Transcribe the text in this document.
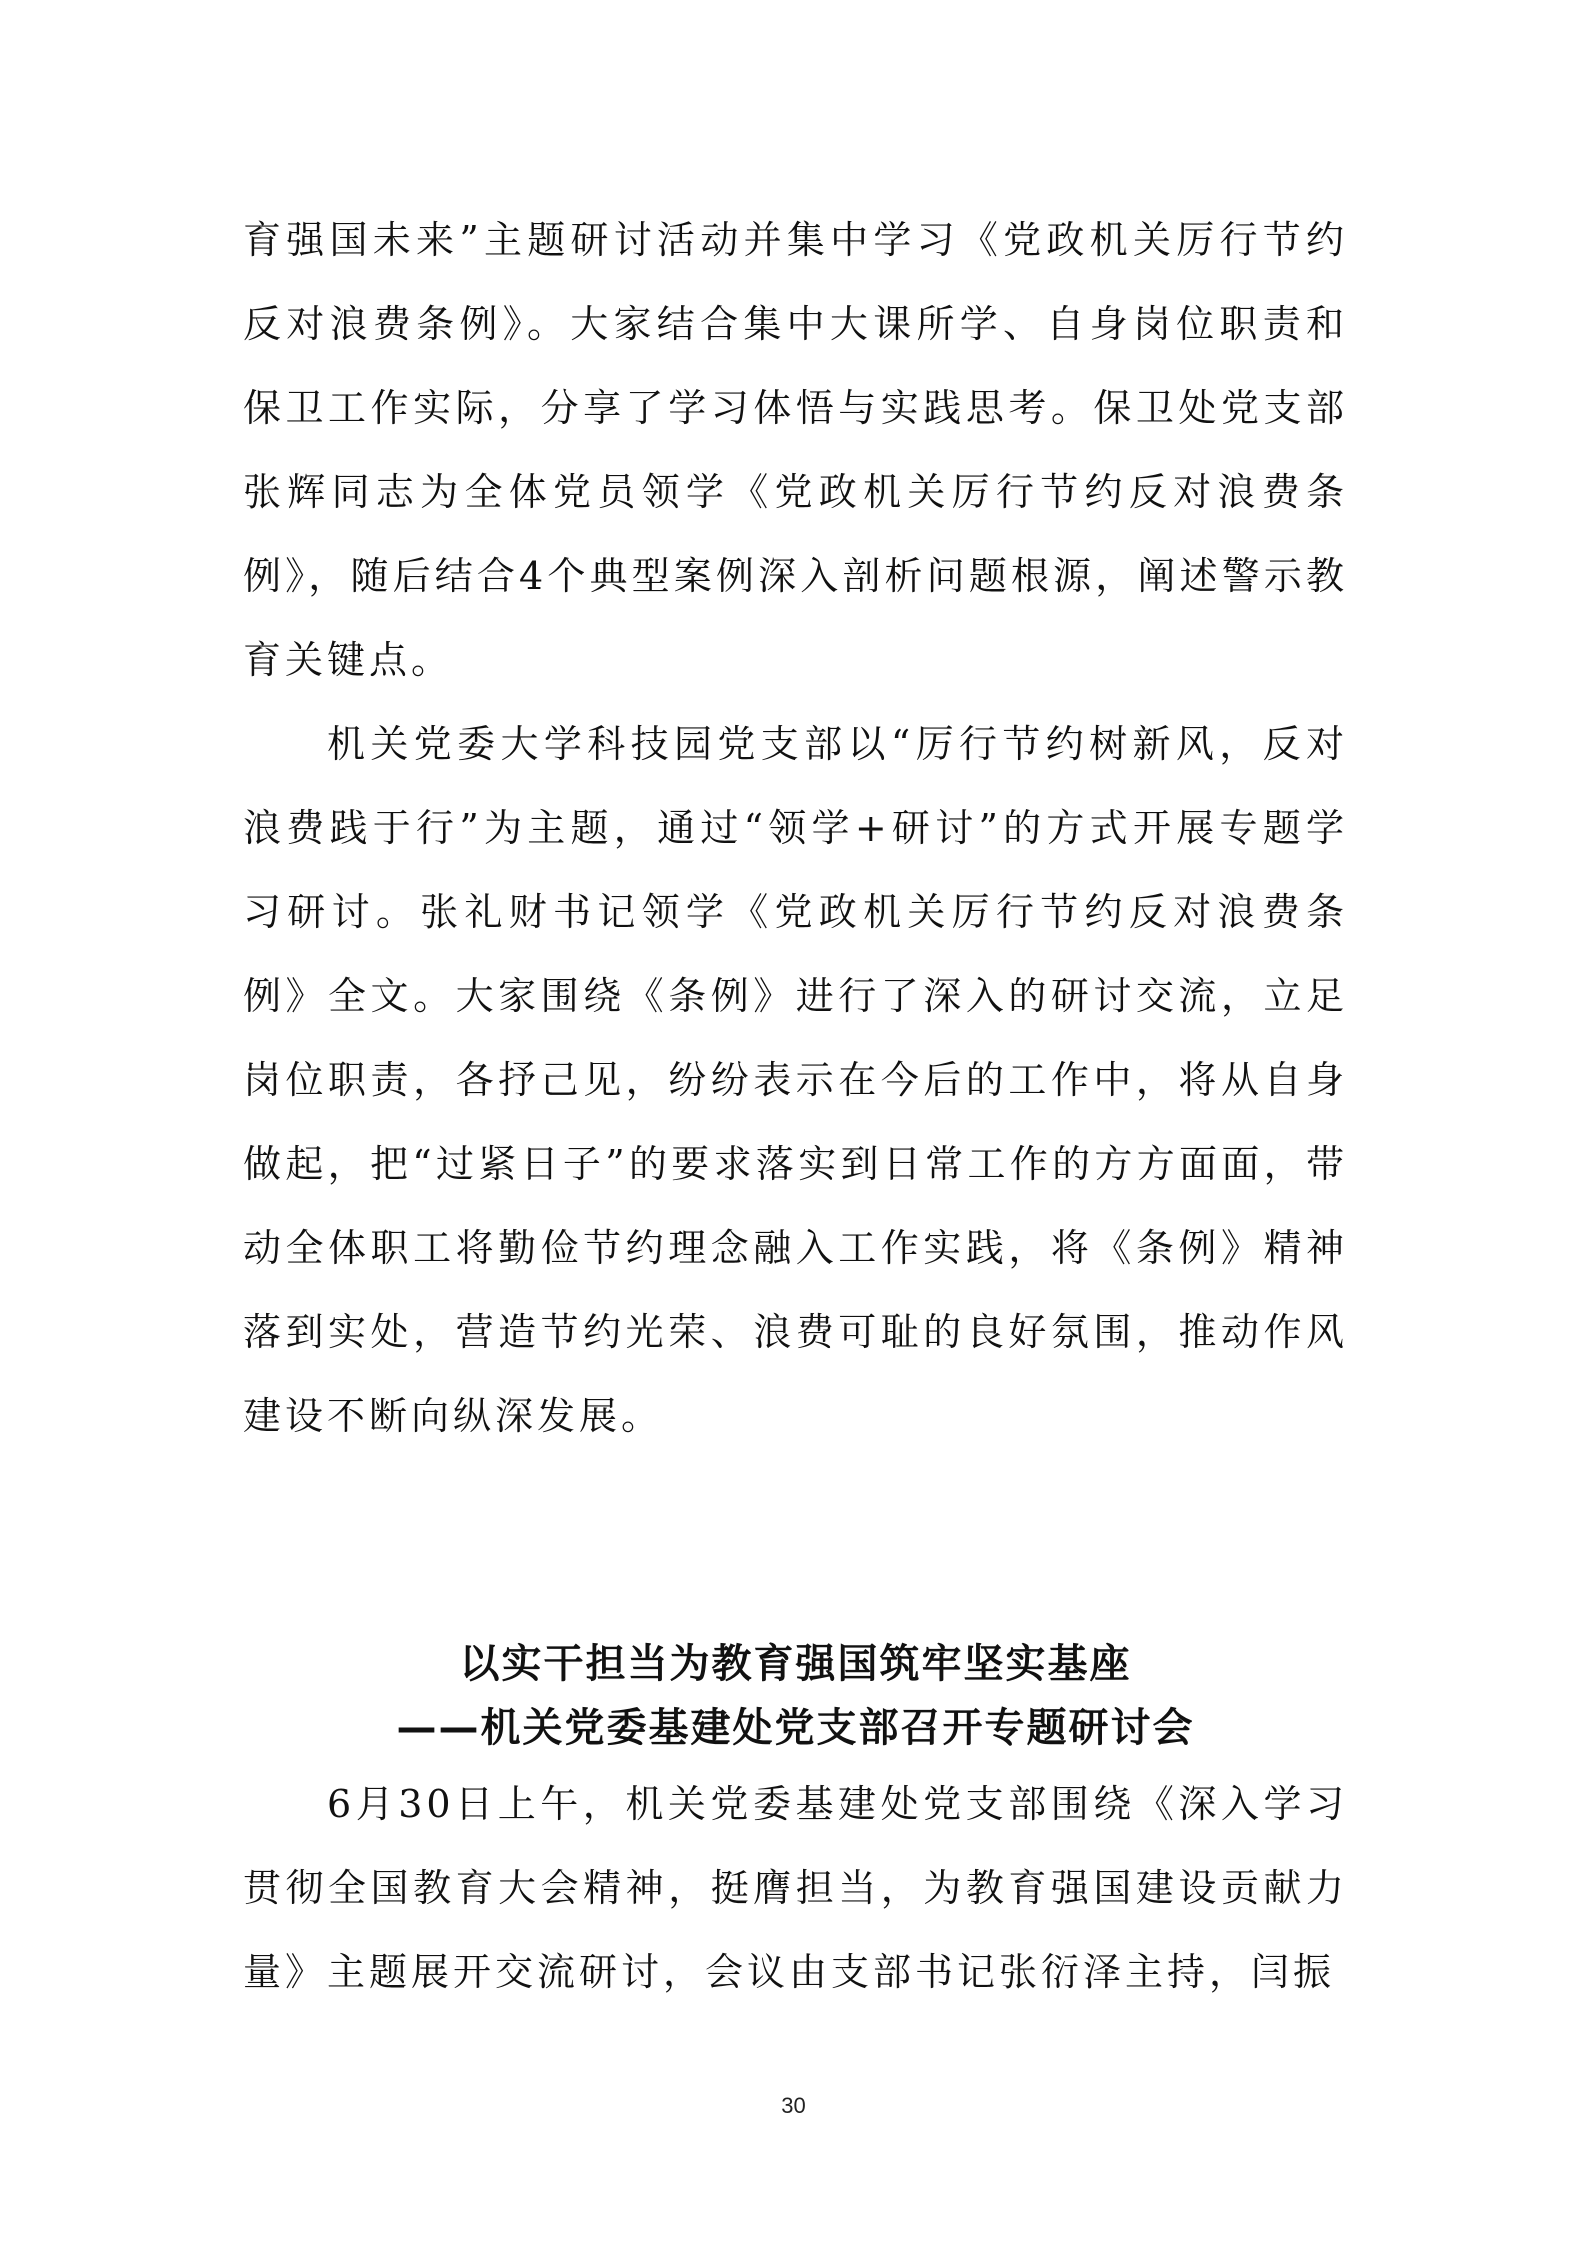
育强国未来”主题研讨活动并集中学习《党政机关厉行节约反对浪费条例》。大家结合集中大课所学、自身岗位职责和保卫工作实际，分享了学习体悟与实践思考。保卫处党支部张辉同志为全体党员领学《党政机关厉行节约反对浪费条例》，随后结合4个典型案例深入剖析问题根源，阐述警示教育关键点。

机关党委大学科技园党支部以“厉行节约树新风，反对浪费践于行”为主题，通过“领学+研讨”的方式开展专题学习研讨。张礼财书记领学《党政机关厉行节约反对浪费条例》全文。大家围绕《条例》进行了深入的研讨交流，立足岗位职责，各抒己见，纷纷表示在今后的工作中，将从自身做起，把“过紧日子”的要求落实到日常工作的方方面面，带动全体职工将勤俭节约理念融入工作实践，将《条例》精神落到实处，营造节约光荣、浪费可耻的良好氛围，推动作风建设不断向纵深发展。

以实干担当为教育强国筑牢坚实基座
——机关党委基建处党支部召开专题研讨会

6月30日上午，机关党委基建处党支部围绕《深入学习贯彻全国教育大会精神，挺膺担当，为教育强国建设贡献力量》主题展开交流研讨，会议由支部书记张衍泽主持，闫振

30
